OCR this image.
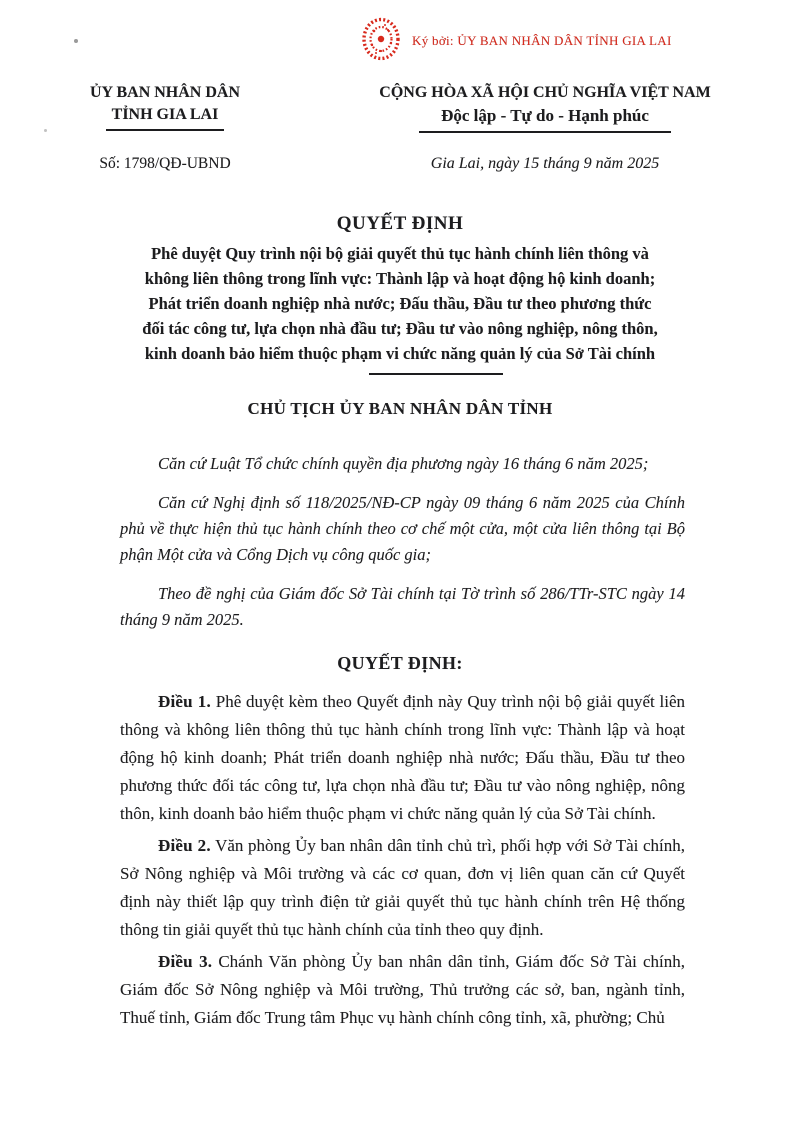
Ký bởi: ỦY BAN NHÂN DÂN TỈNH GIA LAI
ỦY BAN NHÂN DÂN
TỈNH GIA LAI
CỘNG HÒA XÃ HỘI CHỦ NGHĨA VIỆT NAM
Độc lập - Tự do - Hạnh phúc
Số: 1798/QĐ-UBND	Gia Lai, ngày 15 tháng 9 năm 2025
QUYẾT ĐỊNH
Phê duyệt Quy trình nội bộ giải quyết thủ tục hành chính liên thông và
không liên thông trong lĩnh vực: Thành lập và hoạt động hộ kinh doanh;
Phát triển doanh nghiệp nhà nước; Đấu thầu, Đầu tư theo phương thức
đối tác công tư, lựa chọn nhà đầu tư; Đầu tư vào nông nghiệp, nông thôn,
kinh doanh bảo hiểm thuộc phạm vi chức năng quản lý của Sở Tài chính
CHỦ TỊCH ỦY BAN NHÂN DÂN TỈNH

Căn cứ Luật Tổ chức chính quyền địa phương ngày 16 tháng 6 năm 2025;

Căn cứ Nghị định số 118/2025/NĐ-CP ngày 09 tháng 6 năm 2025 của Chính phủ về thực hiện thủ tục hành chính theo cơ chế một cửa, một cửa liên thông tại Bộ phận Một cửa và Cổng Dịch vụ công quốc gia;

Theo đề nghị của Giám đốc Sở Tài chính tại Tờ trình số 286/TTr-STC ngày 14 tháng 9 năm 2025.

QUYẾT ĐỊNH:

Điều 1. Phê duyệt kèm theo Quyết định này Quy trình nội bộ giải quyết liên thông và không liên thông thủ tục hành chính trong lĩnh vực: Thành lập và hoạt động hộ kinh doanh; Phát triển doanh nghiệp nhà nước; Đấu thầu, Đầu tư theo phương thức đối tác công tư, lựa chọn nhà đầu tư; Đầu tư vào nông nghiệp, nông thôn, kinh doanh bảo hiểm thuộc phạm vi chức năng quản lý của Sở Tài chính.

Điều 2. Văn phòng Ủy ban nhân dân tỉnh chủ trì, phối hợp với Sở Tài chính, Sở Nông nghiệp và Môi trường và các cơ quan, đơn vị liên quan căn cứ Quyết định này thiết lập quy trình điện tử giải quyết thủ tục hành chính trên Hệ thống thông tin giải quyết thủ tục hành chính của tỉnh theo quy định.

Điều 3. Chánh Văn phòng Ủy ban nhân dân tỉnh, Giám đốc Sở Tài chính, Giám đốc Sở Nông nghiệp và Môi trường, Thủ trưởng các sở, ban, ngành tỉnh, Thuế tỉnh, Giám đốc Trung tâm Phục vụ hành chính công tỉnh, xã, phường; Chủ
